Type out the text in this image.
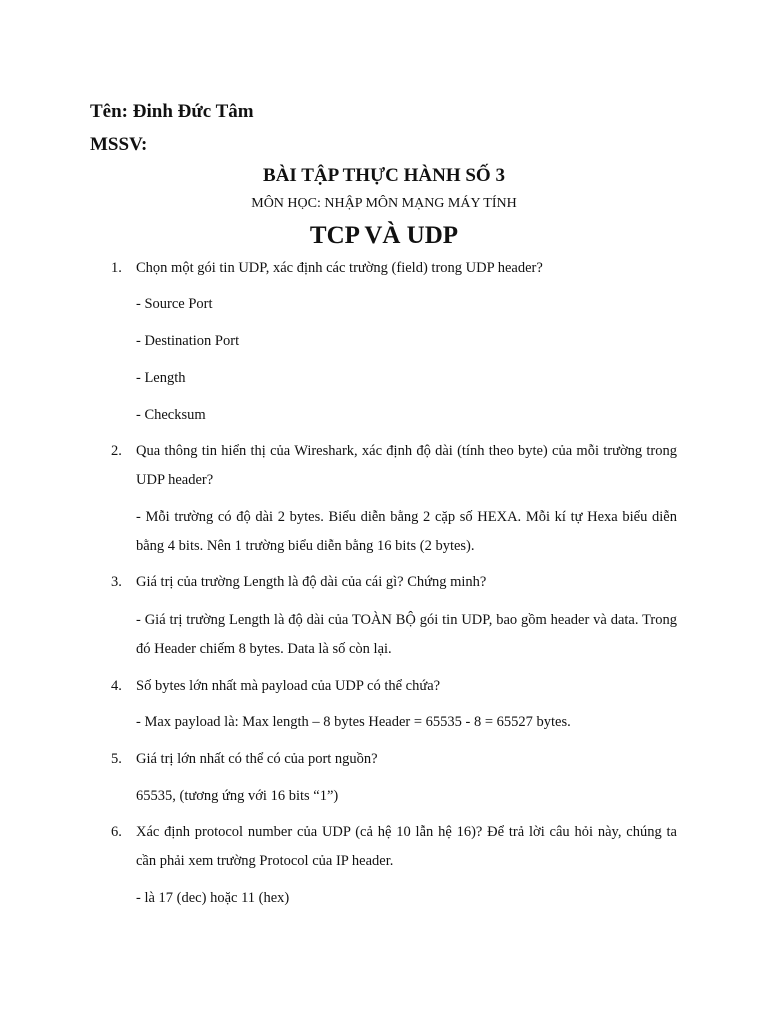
Tên: Đinh Đức Tâm
MSSV:
BÀI TẬP THỰC HÀNH SỐ 3
MÔN HỌC: NHẬP MÔN MẠNG MÁY TÍNH
TCP VÀ UDP
1. Chọn một gói tin UDP, xác định các trường (field) trong UDP header?
- Source Port
- Destination Port
- Length
- Checksum
2. Qua thông tin hiển thị của Wireshark, xác định độ dài (tính theo byte) của mỗi trường trong UDP header?
- Mỗi trường có độ dài 2 bytes. Biểu diễn bằng 2 cặp số HEXA. Mỗi kí tự Hexa biểu diễn bằng 4 bits. Nên 1 trường biểu diễn bằng 16 bits (2 bytes).
3. Giá trị của trường Length là độ dài của cái gì? Chứng minh?
- Giá trị trường Length là độ dài của TOÀN BỘ gói tin UDP, bao gồm header và data. Trong đó Header chiếm 8 bytes. Data là số còn lại.
4. Số bytes lớn nhất mà payload của UDP có thể chứa?
- Max payload là: Max length – 8 bytes Header = 65535 - 8 = 65527 bytes.
5. Giá trị lớn nhất có thể có của port nguồn?
65535, (tương ứng với 16 bits “1”)
6. Xác định protocol number của UDP (cả hệ 10 lẫn hệ 16)? Để trả lời câu hỏi này, chúng ta cần phải xem trường Protocol của IP header.
- là 17 (dec) hoặc 11 (hex)
